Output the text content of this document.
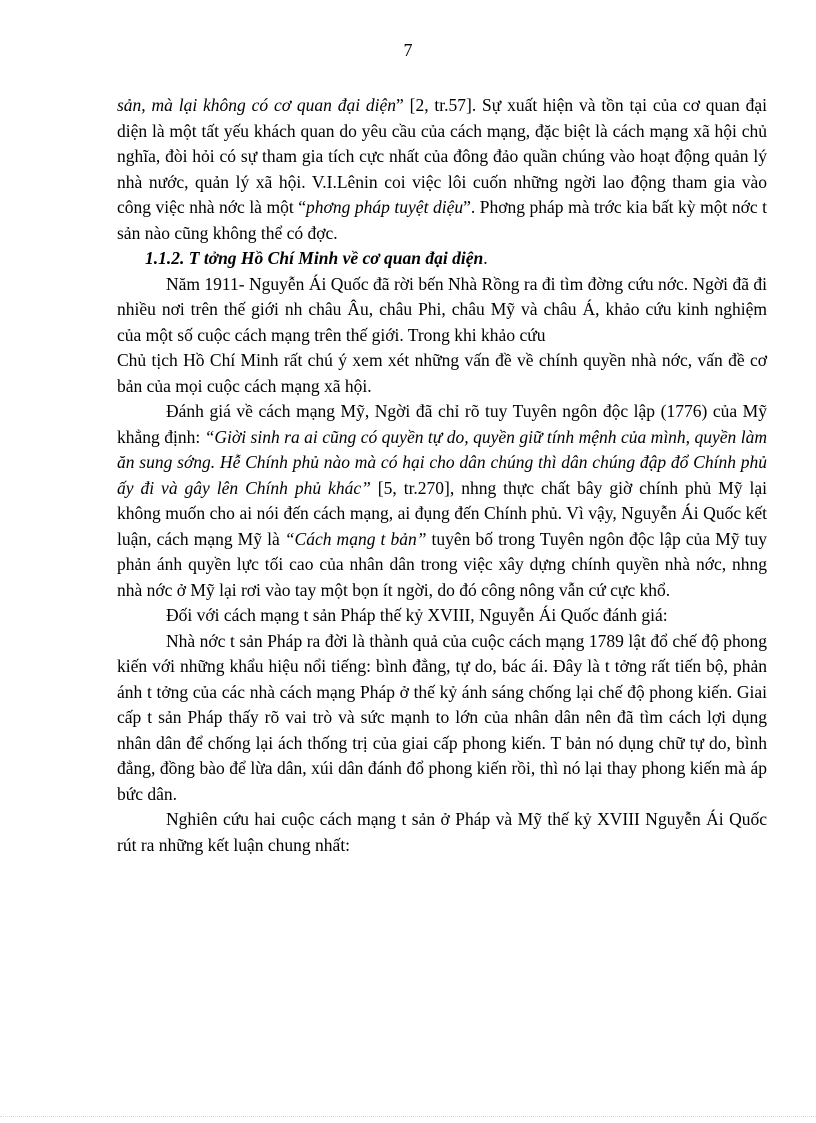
7

sản, mà lại không có cơ quan đại diện” [2, tr.57]. Sự xuất hiện và tồn tại của cơ quan đại diện là một tất yếu khách quan do yêu cầu của cách mạng, đặc biệt là cách mạng xã hội chủ nghĩa, đòi hỏi có sự tham gia tích cực nhất của đông đảo quần chúng vào hoạt động quản lý nhà nước, quản lý xã hội. V.I.Lênin coi việc lôi cuốn những ngời lao động tham gia vào công việc nhà nớc là một “phơng pháp tuyệt diệu”. Phơng pháp mà trớc kia bất kỳ một nớc t sản nào cũng không thể có đợc.

1.1.2. T tởng Hồ Chí Minh về cơ quan đại diện.

Năm 1911- Nguyễn Ái Quốc đã rời bến Nhà Rồng ra đi tìm đờng cứu nớc. Ngời đã đi nhiều nơi trên thế giới nh châu Âu, châu Phi, châu Mỹ và châu Á, khảo cứu kinh nghiệm của một số cuộc cách mạng trên thế giới. Trong khi khảo cứu

Chủ tịch Hồ Chí Minh rất chú ý xem xét những vấn đề về chính quyền nhà nớc, vấn đề cơ bản của mọi cuộc cách mạng xã hội.

Đánh giá về cách mạng Mỹ, Ngời đã chỉ rõ tuy Tuyên ngôn độc lập (1776) của Mỹ khẳng định: “Giời sinh ra ai cũng có quyền tự do, quyền giữ tính mệnh của mình, quyền làm ăn sung sớng. Hễ Chính phủ nào mà có hại cho dân chúng thì dân chúng đập đổ Chính phủ ấy đi và gây lên Chính phủ khác” [5, tr.270], nhng thực chất bây giờ chính phủ Mỹ lại không muốn cho ai nói đến cách mạng, ai đụng đến Chính phủ. Vì vậy, Nguyễn Ái Quốc kết luận, cách mạng Mỹ là “Cách mạng t bản” tuyên bố trong Tuyên ngôn độc lập của Mỹ tuy phản ánh quyền lực tối cao của nhân dân trong việc xây dựng chính quyền nhà nớc, nhng nhà nớc ở Mỹ lại rơi vào tay một bọn ít ngời, do đó công nông vẫn cứ cực khổ.

Đối với cách mạng t sản Pháp thế kỷ XVIII, Nguyễn Ái Quốc đánh giá:

Nhà nớc t sản Pháp ra đời là thành quả của cuộc cách mạng 1789 lật đổ chế độ phong kiến với những khẩu hiệu nổi tiếng: bình đẳng, tự do, bác ái. Đây là t tởng rất tiến bộ, phản ánh t tởng của các nhà cách mạng Pháp ở thế kỷ ánh sáng chống lại chế độ phong kiến. Giai cấp t sản Pháp thấy rõ vai trò và sức mạnh to lớn của nhân dân nên đã tìm cách lợi dụng nhân dân để chống lại ách thống trị của giai cấp phong kiến. T bản nó dụng chữ tự do, bình đẳng, đồng bào để lừa dân, xúi dân đánh đổ phong kiến rồi, thì nó lại thay phong kiến mà áp bức dân.

Nghiên cứu hai cuộc cách mạng t sản ở Pháp và Mỹ thế kỷ XVIII Nguyễn Ái Quốc rút ra những kết luận chung nhất:
